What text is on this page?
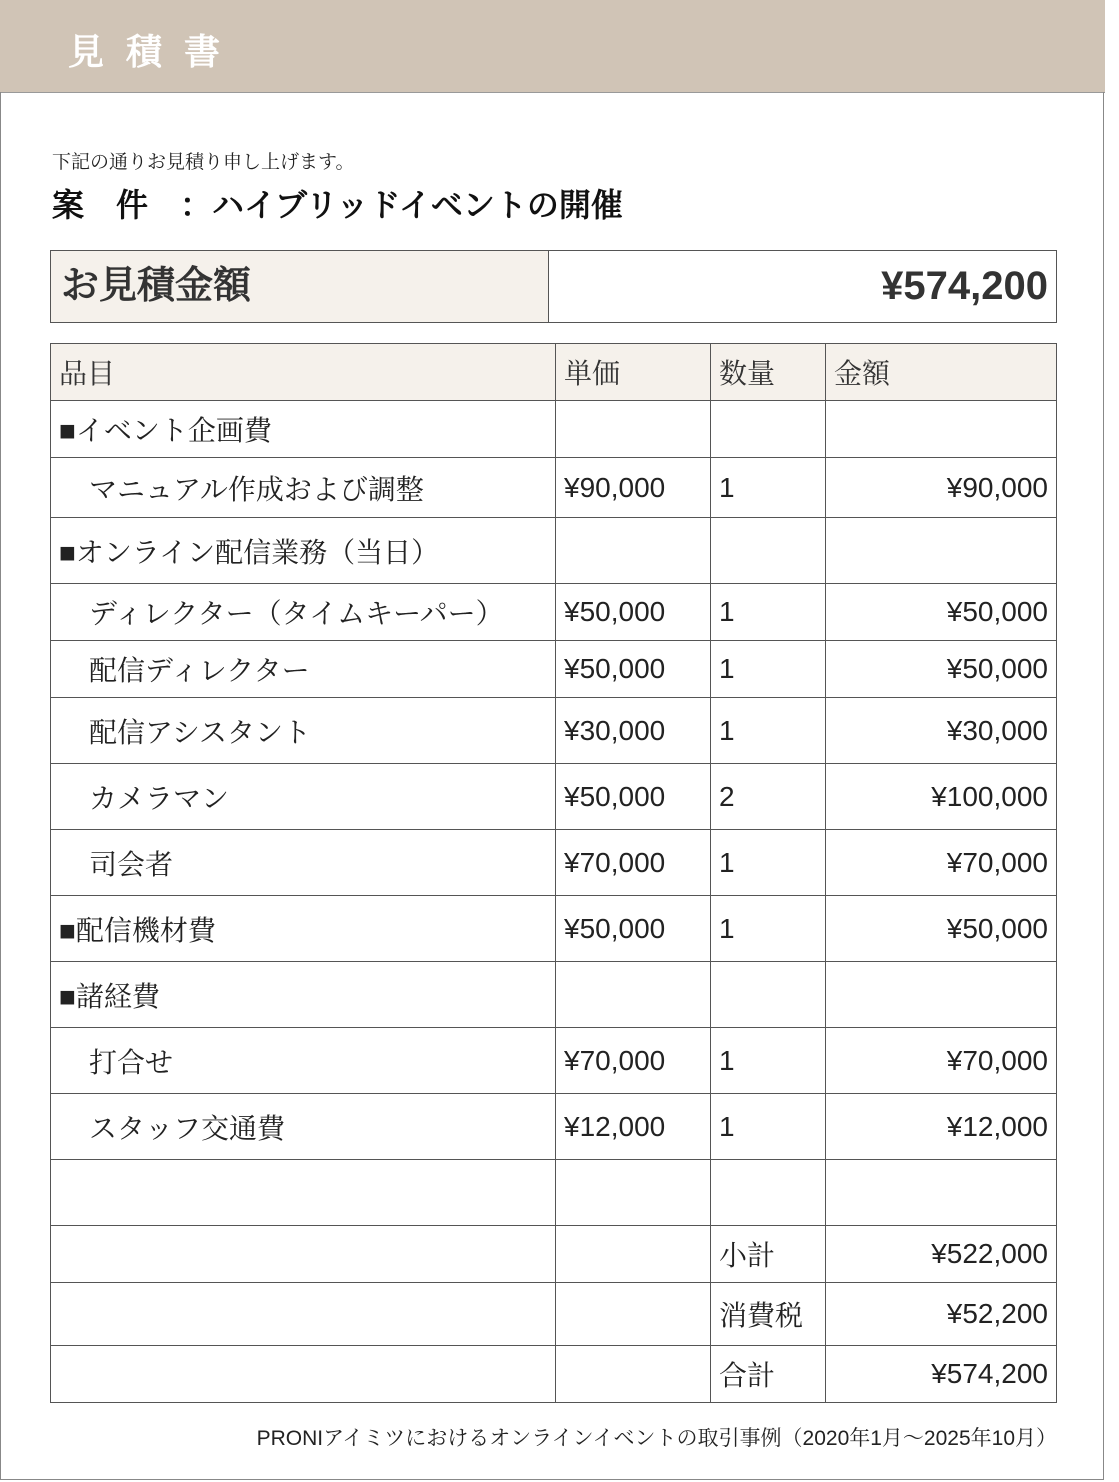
見積書
下記の通りお見積り申し上げます。
案　件　：ハイブリッドイベントの開催
お見積金額	¥574,200
品目	単価	数量	金額
■イベント企画費			
マニュアル作成および調整	¥90,000	1	¥90,000
■オンライン配信業務（当日）			
ディレクター（タイムキーパー）	¥50,000	1	¥50,000
配信ディレクター	¥50,000	1	¥50,000
配信アシスタント	¥30,000	1	¥30,000
カメラマン	¥50,000	2	¥100,000
司会者	¥70,000	1	¥70,000
■配信機材費	¥50,000	1	¥50,000
■諸経費			
打合せ	¥70,000	1	¥70,000
スタッフ交通費	¥12,000	1	¥12,000

		小計	¥522,000
		消費税	¥52,200
		合計	¥574,200
PRONIアイミツにおけるオンラインイベントの取引事例（2020年1月〜2025年10月）
